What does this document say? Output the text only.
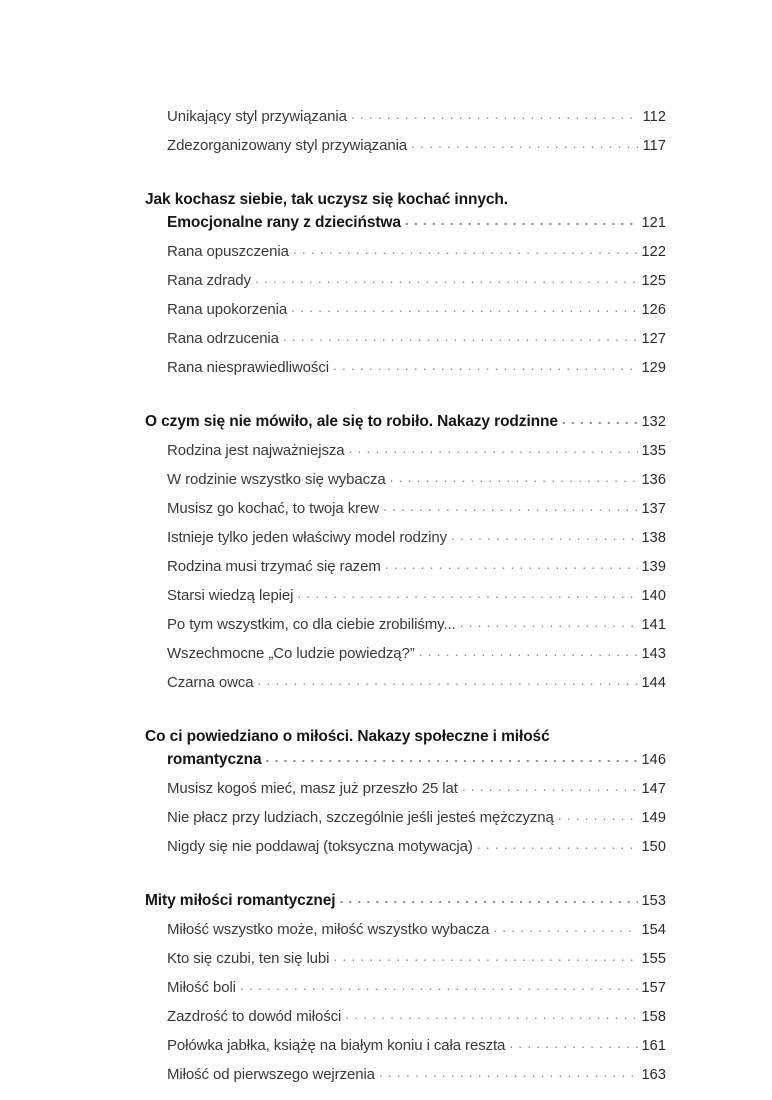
Unikający styl przywiązania . . .	112
Zdezorganizowany styl przywiązania . . .	117
Jak kochasz siebie, tak uczysz się kochać innych.
Emocjonalne rany z dzieciństwa . . .	121
Rana opuszczenia . . .	122
Rana zdrady . . .	125
Rana upokorzenia . . .	126
Rana odrzucenia . . .	127
Rana niesprawiedliwości . . .	129
O czym się nie mówiło, ale się to robiło. Nakazy rodzinne . . .	132
Rodzina jest najważniejsza . . .	135
W rodzinie wszystko się wybacza . . .	136
Musisz go kochać, to twoja krew . . .	137
Istnieje tylko jeden właściwy model rodziny . . .	138
Rodzina musi trzymać się razem . . .	139
Starsi wiedzą lepiej . . .	140
Po tym wszystkim, co dla ciebie zrobiliśmy... . . .	141
Wszechmocne „Co ludzie powiedzą?” . . .	143
Czarna owca . . .	144
Co ci powiedziano o miłości. Nakazy społeczne i miłość
romantyczna . . .	146
Musisz kogoś mieć, masz już przeszło 25 lat . . .	147
Nie płacz przy ludziach, szczególnie jeśli jesteś mężczyzną . . .	149
Nigdy się nie poddawaj (toksyczna motywacja) . . .	150
Mity miłości romantycznej . . .	153
Miłość wszystko może, miłość wszystko wybacza . . .	154
Kto się czubi, ten się lubi . . .	155
Miłość boli . . .	157
Zazdrość to dowód miłości . . .	158
Połówka jabłka, książę na białym koniu i cała reszta . . .	161
Miłość od pierwszego wejrzenia . . .	163
